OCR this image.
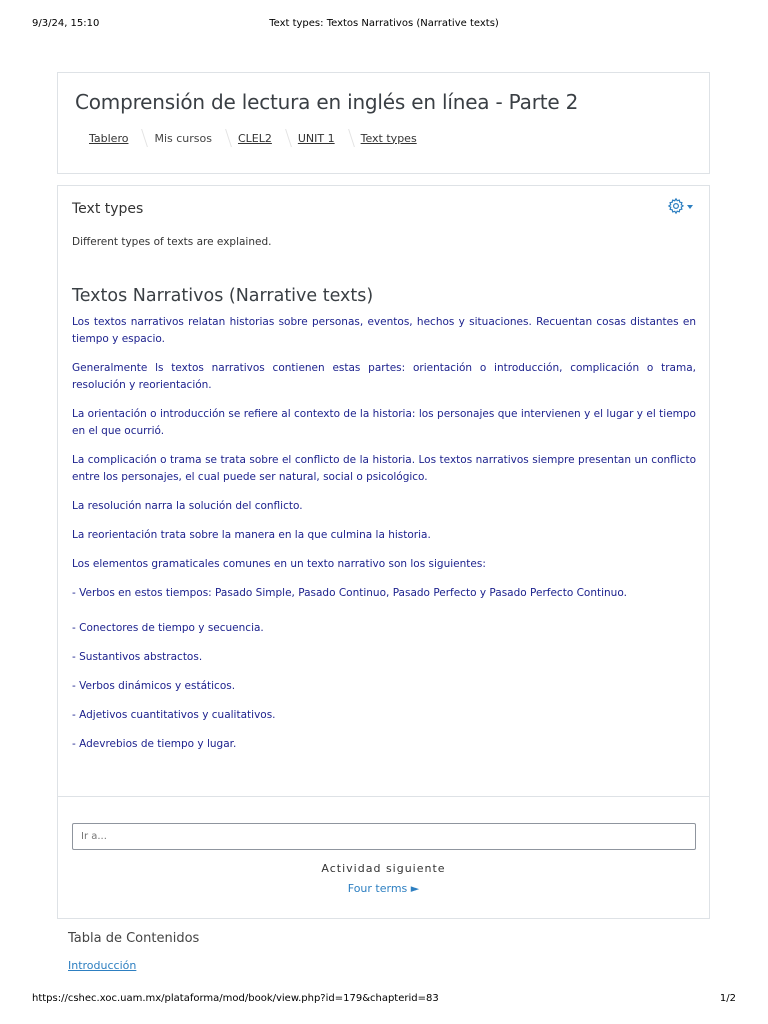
9/3/24, 15:10	Text types: Textos Narrativos (Narrative texts)
Comprensión de lectura en inglés en línea - Parte 2
Tablero Mis cursos CLEL2 UNIT 1 Text types
Text types
Different types of texts are explained.
Textos Narrativos (Narrative texts)

Los textos narrativos relatan historias sobre personas, eventos, hechos y situaciones. Recuentan cosas distantes en tiempo y espacio.

Generalmente ls textos narrativos contienen estas partes: orientación o introducción, complicación o trama, resolución y reorientación.

La orientación o introducción se refiere al contexto de la historia: los personajes que intervienen y el lugar y el tiempo en el que ocurrió.

La complicación o trama se trata sobre el conflicto de la historia. Los textos narrativos siempre presentan un conflicto entre los personajes, el cual puede ser natural, social o psicológico.

La resolución narra la solución del conflicto.

La reorientación trata sobre la manera en la que culmina la historia.

Los elementos gramaticales comunes en un texto narrativo son los siguientes:

- Verbos en estos tiempos: Pasado Simple, Pasado Continuo, Pasado Perfecto y Pasado Perfecto Continuo.

- Conectores de tiempo y secuencia.

- Sustantivos abstractos.

- Verbos dinámicos y estáticos.

- Adjetivos cuantitativos y cualitativos.

- Adevrebios de tiempo y lugar.

Ir a...
Actividad siguiente
Four terms ►
Tabla de Contenidos
Introducción
https://cshec.xoc.uam.mx/plataforma/mod/book/view.php?id=179&chapterid=83	1/2
